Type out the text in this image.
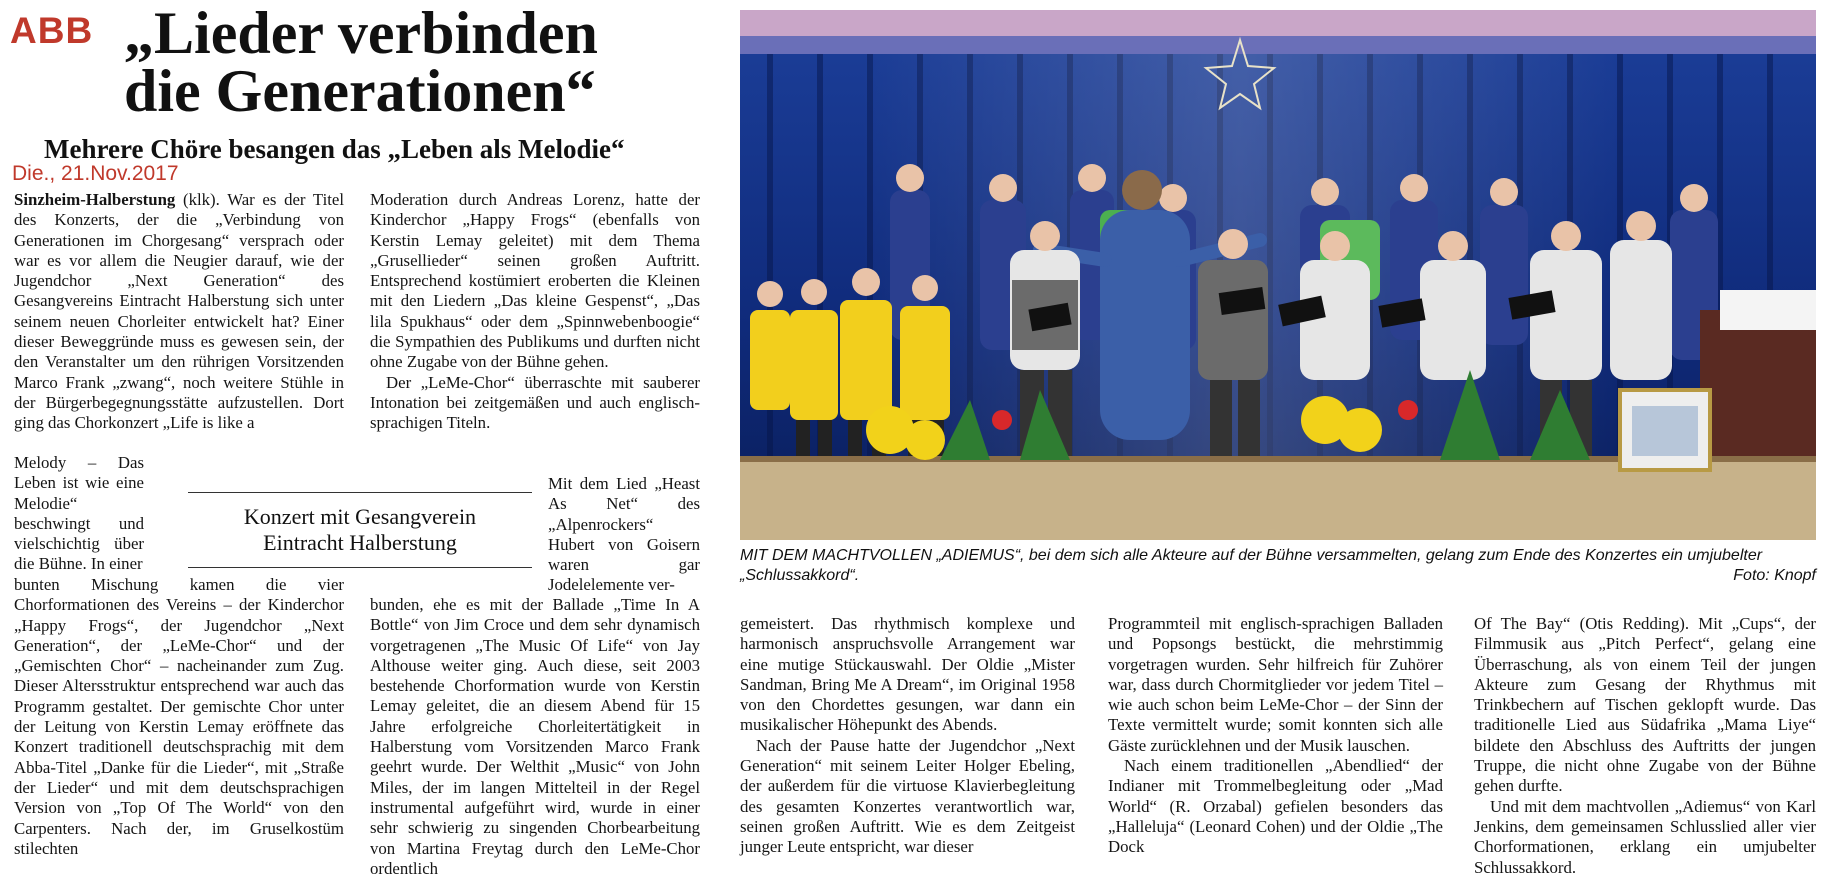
ABB „Lieder verbinden
die Generationen“
Mehrere Chöre besangen das „Leben als Melodie“
Die., 21.Nov.2017

Sinzheim-Halberstung (klk). War es der Titel des Konzerts, der die „Verbindung von Generationen im Chorgesang“ versprach oder war es vor allem die Neugier darauf, wie der Jugendchor „Next Generation“ des Gesangvereins Eintracht Halberstung sich unter seinem neuen Chorleiter entwickelt hat? Einer dieser Beweggründe muss es gewesen sein, der den Veranstalter um den rührigen Vorsitzenden Marco Frank „zwang“, noch weitere Stühle in der Bürgerbegegnungsstätte aufzustellen. Dort ging das Chorkonzert „Life is like a

Melody – Das Leben ist wie eine Melodie“ beschwingt und vielschichtig über die Bühne. In einer

bunten Mischung kamen die vier Chorformationen des Vereins – der Kinderchor „Happy Frogs“, der Jugendchor „Next Generation“, der „LeMe-Chor“ und der „Gemischten Chor“ – nacheinander zum Zug. Dieser Altersstruktur entsprechend war auch das Programm gestaltet. Der gemischte Chor unter der Leitung von Kerstin Lemay eröffnete das Konzert traditionell deutschsprachig mit dem Abba-Titel „Danke für die Lieder“, mit „Straße der Lieder“ und mit dem deutschsprachigen Version von „Top Of The World“ von den Carpenters. Nach der, im Gruselkostüm stilechten

Konzert mit Gesangverein
Eintracht Halberstung

Moderation durch Andreas Lorenz, hatte der Kinderchor „Happy Frogs“ (ebenfalls von Kerstin Lemay geleitet) mit dem Thema „Grusellieder“ seinen großen Auftritt. Entsprechend kostümiert eroberten die Kleinen mit den Liedern „Das kleine Gespenst“, „Das lila Spukhaus“ oder dem „Spinnwebenboogie“ die Sympathien des Publikums und durften nicht ohne Zugabe von der Bühne gehen.

Der „LeMe-Chor“ überraschte mit sauberer Intonation bei zeitgemäßen und auch englisch-sprachigen Titeln.

Mit dem Lied „Heast As Net“ des „Alpenrockers“ Hubert von Goisern waren gar Jodelelemente ver-

bunden, ehe es mit der Ballade „Time In A Bottle“ von Jim Croce und dem sehr dynamisch vorgetragenen „The Music Of Life“ von Jay Althouse weiter ging. Auch diese, seit 2003 bestehende Chorformation wurde von Kerstin Lemay geleitet, die an diesem Abend für 15 Jahre erfolgreiche Chorleitertätigkeit in Halberstung vom Vorsitzenden Marco Frank geehrt wurde. Der Welthit „Music“ von John Miles, der im langen Mittelteil in der Regel instrumental aufgeführt wird, wurde in einer sehr schwierig zu singenden Chorbearbeitung von Martina Freytag durch den LeMe-Chor ordentlich

MIT DEM MACHTVOLLEN „ADIEMUS“, bei dem sich alle Akteure auf der Bühne versammelten, gelang zum Ende des Konzertes ein umjubelter „Schlussakkord“.	Foto: Knopf

gemeistert. Das rhythmisch komplexe und harmonisch anspruchsvolle Arrangement war eine mutige Stückauswahl. Der Oldie „Mister Sandman, Bring Me A Dream“, im Original 1958 von den Chordettes gesungen, war dann ein musikalischer Höhepunkt des Abends.

Nach der Pause hatte der Jugendchor „Next Generation“ mit seinem Leiter Holger Ebeling, der außerdem für die virtuose Klavierbegleitung des gesamten Konzertes verantwortlich war, seinen großen Auftritt. Wie es dem Zeitgeist junger Leute entspricht, war dieser

Programmteil mit englisch-sprachigen Balladen und Popsongs bestückt, die mehrstimmig vorgetragen wurden. Sehr hilfreich für Zuhörer war, dass durch Chormitglieder vor jedem Titel – wie auch schon beim LeMe-Chor – der Sinn der Texte vermittelt wurde; somit konnten sich alle Gäste zurücklehnen und der Musik lauschen.

Nach einem traditionellen „Abendlied“ der Indianer mit Trommelbegleitung oder „Mad World“ (R. Orzabal) gefielen besonders das „Halleluja“ (Leonard Cohen) und der Oldie „The Dock

Of The Bay“ (Otis Redding). Mit „Cups“, der Filmmusik aus „Pitch Perfect“, gelang eine Überraschung, als von einem Teil der jungen Akteure zum Gesang der Rhythmus mit Trinkbechern auf Tischen geklopft wurde. Das traditionelle Lied aus Südafrika „Mama Liye“ bildete den Abschluss des Auftritts der jungen Truppe, die nicht ohne Zugabe von der Bühne gehen durfte.

Und mit dem machtvollen „Adiemus“ von Karl Jenkins, dem gemeinsamen Schlusslied aller vier Chorformationen, erklang ein umjubelter Schlussakkord.
